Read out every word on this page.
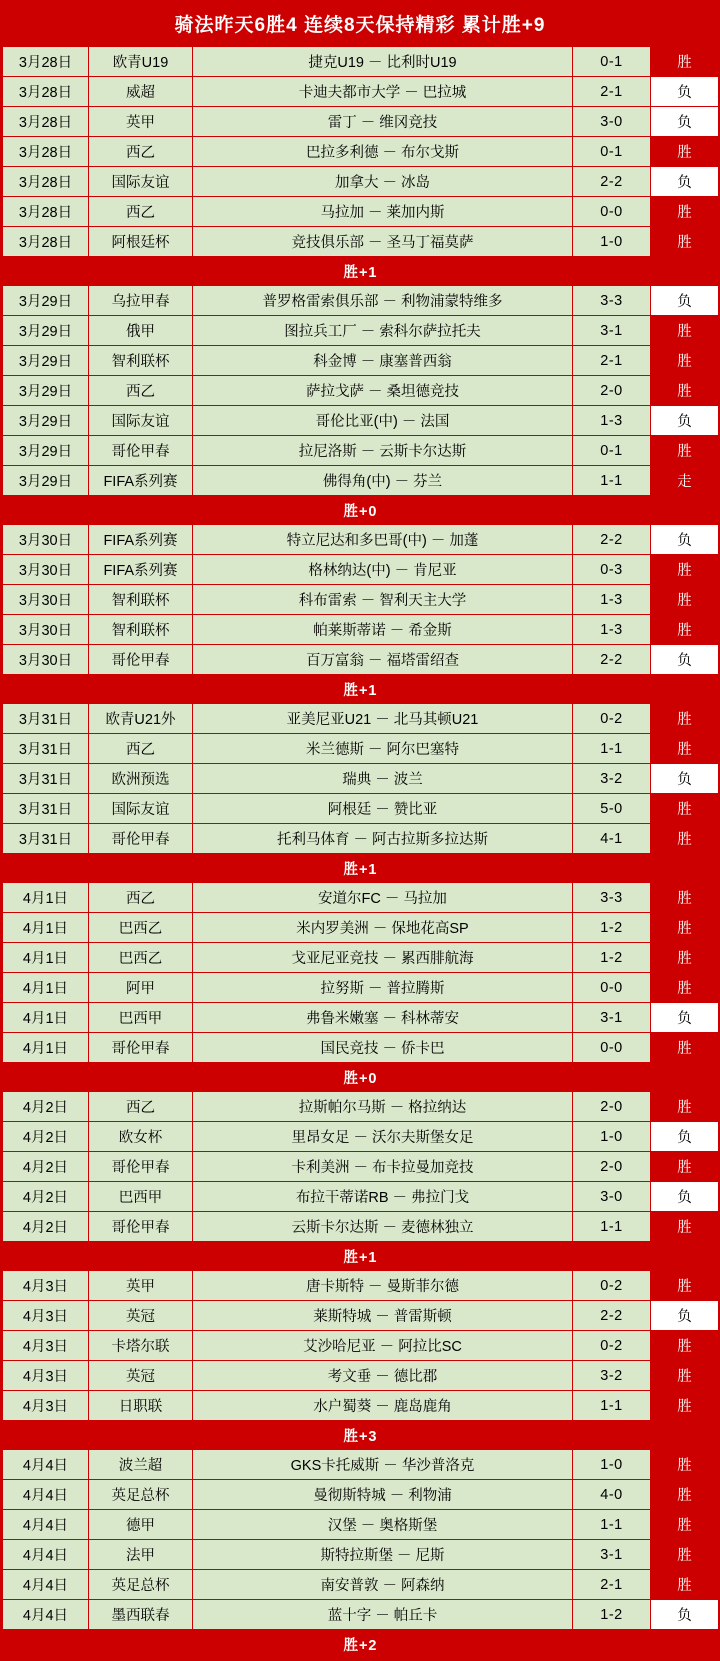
骑法昨天6胜4 连续8天保持精彩 累计胜+9
3月28日	欧青U19	捷克U19 － 比利时U19	0-1	胜
3月28日	威超	卡迪夫都市大学 － 巴拉城	2-1	负
3月28日	英甲	雷丁 － 维冈竞技	3-0	负
3月28日	西乙	巴拉多利德 － 布尔戈斯	0-1	胜
3月28日	国际友谊	加拿大 － 冰岛	2-2	负
3月28日	西乙	马拉加 － 莱加内斯	0-0	胜
3月28日	阿根廷杯	竞技俱乐部 － 圣马丁福莫萨	1-0	胜
胜+1				
3月29日	乌拉甲春	普罗格雷索俱乐部 － 利物浦蒙特维多	3-3	负
3月29日	俄甲	图拉兵工厂 － 索科尔萨拉托夫	3-1	胜
3月29日	智利联杯	科金博 － 康塞普西翁	2-1	胜
3月29日	西乙	萨拉戈萨 － 桑坦德竞技	2-0	胜
3月29日	国际友谊	哥伦比亚(中) － 法国	1-3	负
3月29日	哥伦甲春	拉尼洛斯 － 云斯卡尔达斯	0-1	胜
3月29日	FIFA系列赛	佛得角(中) － 芬兰	1-1	走
胜+0				
3月30日	FIFA系列赛	特立尼达和多巴哥(中) － 加蓬	2-2	负
3月30日	FIFA系列赛	格林纳达(中) － 肯尼亚	0-3	胜
3月30日	智利联杯	科布雷索 － 智利天主大学	1-3	胜
3月30日	智利联杯	帕莱斯蒂诺 － 希金斯	1-3	胜
3月30日	哥伦甲春	百万富翁 － 福塔雷绍查	2-2	负
胜+1				
3月31日	欧青U21外	亚美尼亚U21 － 北马其顿U21	0-2	胜
3月31日	西乙	米兰德斯 － 阿尔巴塞特	1-1	胜
3月31日	欧洲预选	瑞典 － 波兰	3-2	负
3月31日	国际友谊	阿根廷 － 赞比亚	5-0	胜
3月31日	哥伦甲春	托利马体育 － 阿古拉斯多拉达斯	4-1	胜
胜+1				
4月1日	西乙	安道尔FC － 马拉加	3-3	胜
4月1日	巴西乙	米内罗美洲 － 保地花高SP	1-2	胜
4月1日	巴西乙	戈亚尼亚竞技 － 累西腓航海	1-2	胜
4月1日	阿甲	拉努斯 － 普拉腾斯	0-0	胜
4月1日	巴西甲	弗鲁米嫩塞 － 科林蒂安	3-1	负
4月1日	哥伦甲春	国民竞技 － 侨卡巴	0-0	胜
胜+0				
4月2日	西乙	拉斯帕尔马斯 － 格拉纳达	2-0	胜
4月2日	欧女杯	里昂女足 － 沃尔夫斯堡女足	1-0	负
4月2日	哥伦甲春	卡利美洲 － 布卡拉曼加竞技	2-0	胜
4月2日	巴西甲	布拉干蒂诺RB － 弗拉门戈	3-0	负
4月2日	哥伦甲春	云斯卡尔达斯 － 麦德林独立	1-1	胜
胜+1				
4月3日	英甲	唐卡斯特 － 曼斯菲尔德	0-2	胜
4月3日	英冠	莱斯特城 － 普雷斯顿	2-2	负
4月3日	卡塔尔联	艾沙哈尼亚 － 阿拉比SC	0-2	胜
4月3日	英冠	考文垂 － 德比郡	3-2	胜
4月3日	日职联	水户蜀葵 － 鹿岛鹿角	1-1	胜
胜+3				
4月4日	波兰超	GKS卡托威斯 － 华沙普洛克	1-0	胜
4月4日	英足总杯	曼彻斯特城 － 利物浦	4-0	胜
4月4日	德甲	汉堡 － 奥格斯堡	1-1	胜
4月4日	法甲	斯特拉斯堡 － 尼斯	3-1	胜
4月4日	英足总杯	南安普敦 － 阿森纳	2-1	胜
4月4日	墨西联春	蓝十字 － 帕丘卡	1-2	负
胜+2				
